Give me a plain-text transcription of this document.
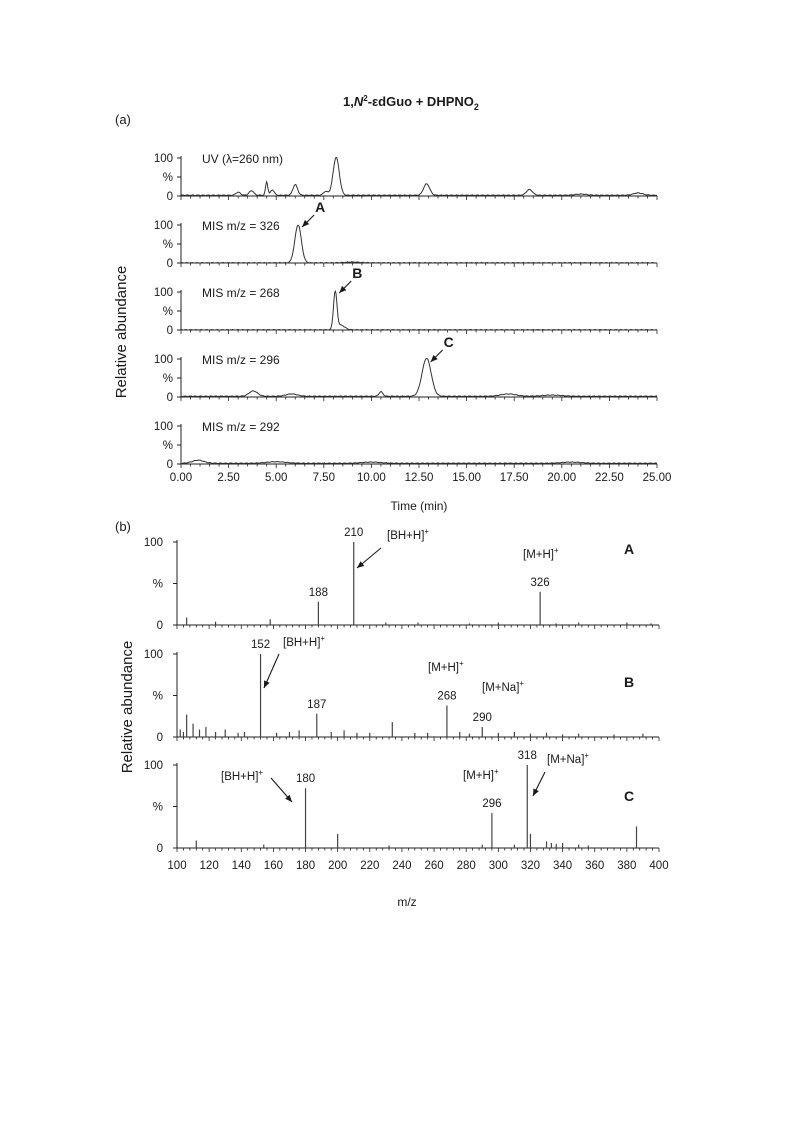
$1,N^2$-εdGuo + $DHPNO_2$
(a)
100
%
0
UV (λ=260 nm)
100
%
0
MIS m/z = 326
A
100
%
0
MIS m/z = 268
B
100
%
0
MIS m/z = 296
C
100
%
0
MIS m/z = 292
0.00 2.50 5.00 7.50 10.00 12.50 15.00 17.50 20.00 22.50 25.00
Relative abundance
Time (min)
(b)
100
%
0
210
188
326
[BH+H]+
[M+H]+	A
100
%
0
152
187
268
290
[BH+H]+
[M+H]+
[M+Na]+	B
100
%
0
180
318
296
[BH+H]+	[M+H]+
[M+Na]+
C
100 120 140 160 180 200 220 240 260 280 300 320 340 360 380 400
Relative abundance
m/z
